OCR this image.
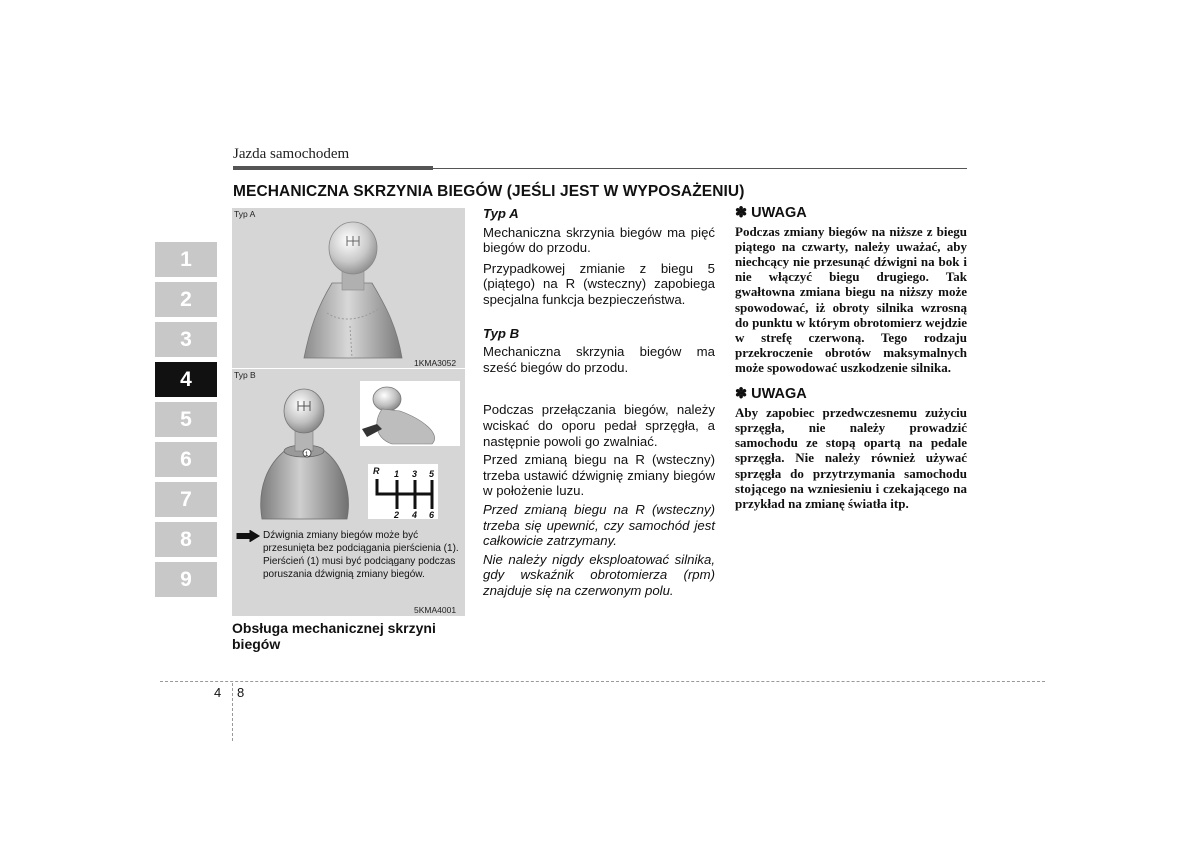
Jazda samochodem
MECHANICZNA SKRZYNIA BIEGÓW (JEŚLI JEST W WYPOSAŻENIU)
1
2
3
4
5
6
7
8
9
Typ A
1KMA3052
1
R 1 3 5
2 4 6
Typ B
Dźwignia zmiany biegów może być przesunięta bez podciągania pierścienia (1).
Pierścień (1) musi być podciągany podczas poruszania dźwignią zmiany biegów.
5KMA4001
Obsługa mechanicznej skrzyni biegów

Typ A

Mechaniczna skrzynia biegów ma pięć biegów do przodu.

Przypadkowej zmianie z biegu 5 (piątego) na R (wsteczny) zapobiega specjalna funkcja bezpieczeństwa.

Typ B

Mechaniczna skrzynia biegów ma sześć biegów do przodu.

Podczas przełączania biegów, należy wciskać do oporu pedał sprzęgła, a następnie powoli go zwalniać.

Przed zmianą biegu na R (wsteczny) trzeba ustawić dźwignię zmiany biegów w położenie luzu.

Przed zmianą biegu na R (wsteczny) trzeba się upewnić, czy samochód jest całkowicie zatrzymany.

Nie należy nigdy eksploatować silnika, gdy wskaźnik obrotomierza (rpm) znajduje się na czerwonym polu.

✽ UWAGA

Podczas zmiany biegów na niższe z biegu piątego na czwarty, należy uważać, aby niechcący nie przesunąć dźwigni na bok i nie włączyć biegu drugiego. Tak gwałtowna zmiana biegu na niższy może spowodować, iż obroty silnika wzrosną do punktu w którym obrotomierz wejdzie w strefę czerwoną. Tego rodzaju przekroczenie obrotów maksymalnych może spowodować uszkodzenie silnika.

✽ UWAGA

Aby zapobiec przedwczesnemu zużyciu sprzęgła, nie należy prowadzić samochodu ze stopą opartą na pedale sprzęgła. Nie należy również używać sprzęgła do przytrzymania samochodu stojącego na wzniesieniu i czekającego na przykład na zmianę światła itp.

4 8
